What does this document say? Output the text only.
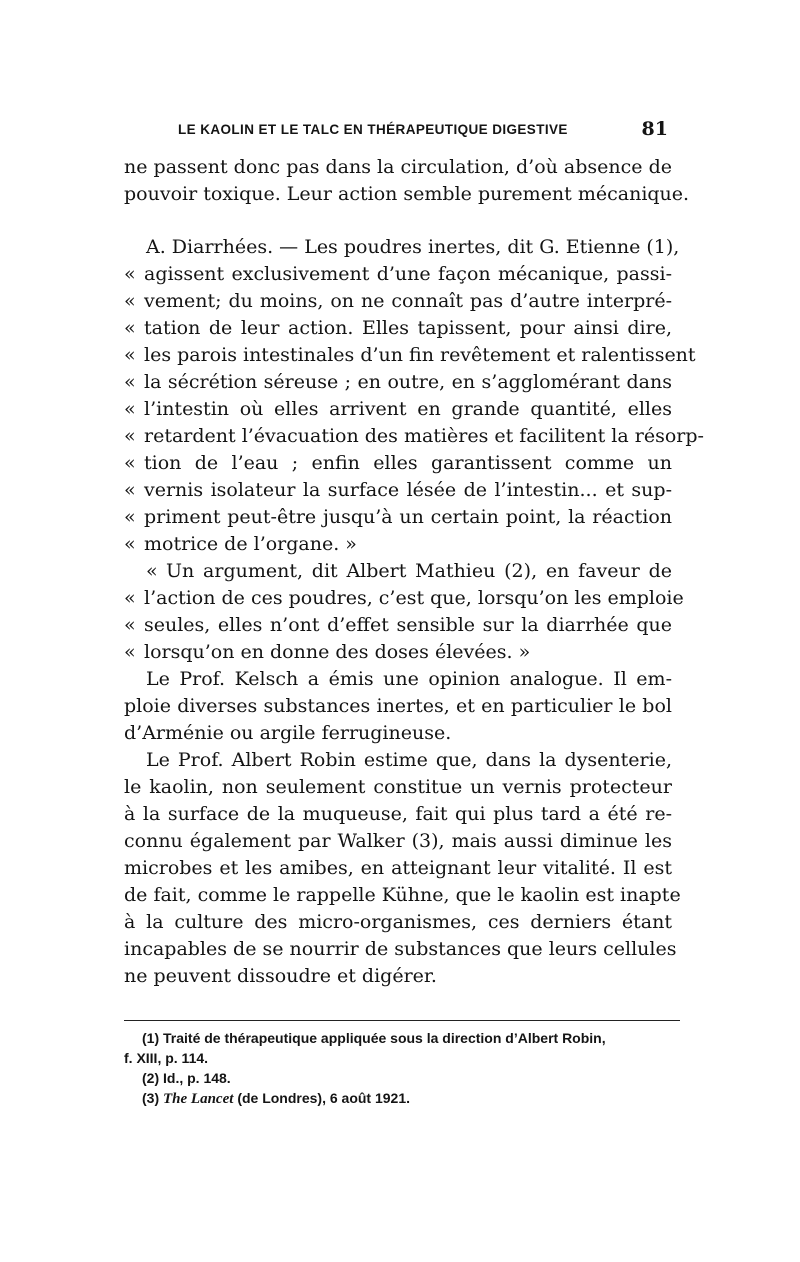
LE KAOLIN ET LE TALC EN THÉRAPEUTIQUE DIGESTIVE	81
ne passent donc pas dans la circulation, d’où absence de
pouvoir toxique. Leur action semble purement mécanique.
A. Diarrhées. — Les poudres inertes, dit G. Etienne (1),
« agissent exclusivement d’une façon mécanique, passi-
« vement; du moins, on ne connaît pas d’autre interpré-
« tation de leur action. Elles tapissent, pour ainsi dire,
« les parois intestinales d’un fin revêtement et ralentissent
« la sécrétion séreuse ; en outre, en s’agglomérant dans
« l’intestin où elles arrivent en grande quantité, elles
« retardent l’évacuation des matières et facilitent la résorp-
« tion de l’eau ; enfin elles garantissent comme un
« vernis isolateur la surface lésée de l’intestin... et sup-
« priment peut-être jusqu’à un certain point, la réaction
« motrice de l’organe. »
« Un argument, dit Albert Mathieu (2), en faveur de
« l’action de ces poudres, c’est que, lorsqu’on les emploie
« seules, elles n’ont d’effet sensible sur la diarrhée que
« lorsqu’on en donne des doses élevées. »
Le Prof. Kelsch a émis une opinion analogue. Il em-
ploie diverses substances inertes, et en particulier le bol
d’Arménie ou argile ferrugineuse.
Le Prof. Albert Robin estime que, dans la dysenterie,
le kaolin, non seulement constitue un vernis protecteur
à la surface de la muqueuse, fait qui plus tard a été re-
connu également par Walker (3), mais aussi diminue les
microbes et les amibes, en atteignant leur vitalité. Il est
de fait, comme le rappelle Kühne, que le kaolin est inapte
à la culture des micro-organismes, ces derniers étant
incapables de se nourrir de substances que leurs cellules
ne peuvent dissoudre et digérer.
(1) Traité de thérapeutique appliquée sous la direction d’Albert Robin,
f. XIII, p. 114.
(2) Id., p. 148.
(3) The Lancet (de Londres), 6 août 1921.
